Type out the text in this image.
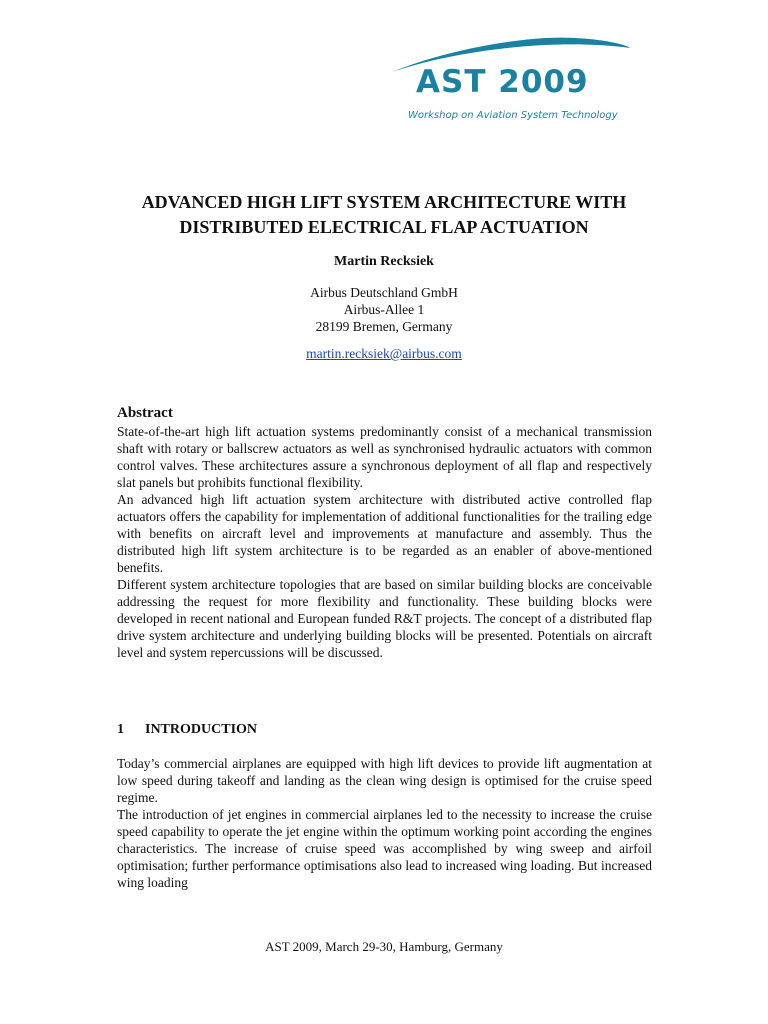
AST 2009
Workshop on Aviation System Technology
ADVANCED HIGH LIFT SYSTEM ARCHITECTURE WITH
DISTRIBUTED ELECTRICAL FLAP ACTUATION
Martin Recksiek
Airbus Deutschland GmbH
Airbus-Allee 1
28199 Bremen, Germany
martin.recksiek@airbus.com
Abstract

State-of-the-art high lift actuation systems predominantly consist of a mechanical transmission shaft with rotary or ballscrew actuators as well as synchronised hydraulic actuators with common control valves. These architectures assure a synchronous deployment of all flap and respectively slat panels but prohibits functional flexibility.

An advanced high lift actuation system architecture with distributed active controlled flap actuators offers the capability for implementation of additional functionalities for the trailing edge with benefits on aircraft level and improvements at manufacture and assembly. Thus the distributed high lift system architecture is to be regarded as an enabler of above-mentioned benefits.

Different system architecture topologies that are based on similar building blocks are conceivable addressing the request for more flexibility and functionality. These building blocks were developed in recent national and European funded R&T projects. The concept of a distributed flap drive system architecture and underlying building blocks will be presented. Potentials on aircraft level and system repercussions will be discussed.

1 INTRODUCTION

Today’s commercial airplanes are equipped with high lift devices to provide lift augmentation at low speed during takeoff and landing as the clean wing design is optimised for the cruise speed regime.

The introduction of jet engines in commercial airplanes led to the necessity to increase the cruise speed capability to operate the jet engine within the optimum working point according the engines characteristics. The increase of cruise speed was accomplished by wing sweep and airfoil optimisation; further performance optimisations also lead to increased wing loading. But increased wing loading

AST 2009, March 29-30, Hamburg, Germany
